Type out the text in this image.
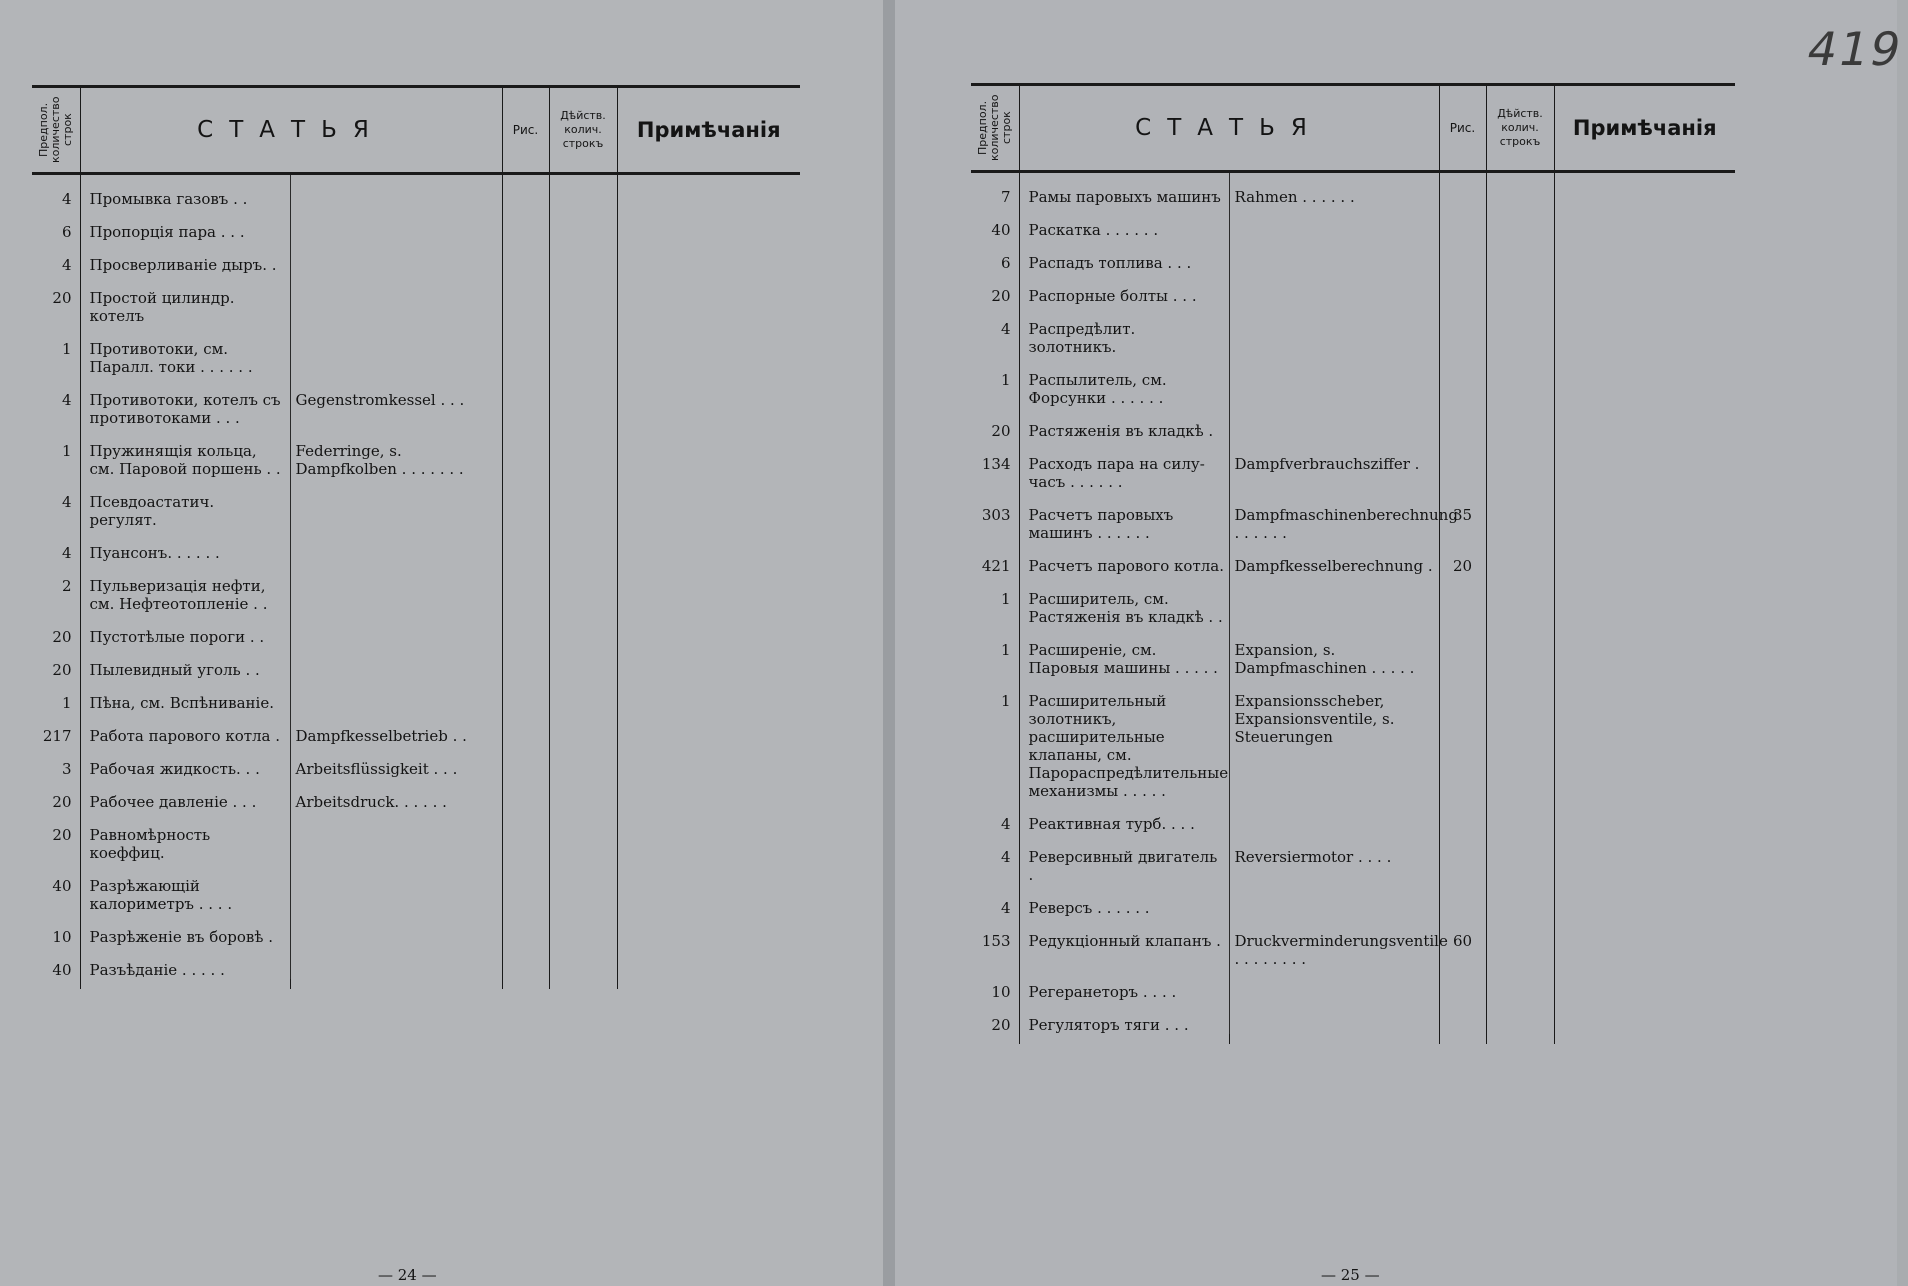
Предпол. количество строк	СТАТЬЯ		Рис.	Дѣйств. колич. строкъ	Примѣчанія

4	Промывка газовъ . .				
6	Пропорція пара . . .				
4	Просверливаніе дыръ. .				
20	Простой цилиндр. котелъ				
1	Противотоки, см. Паралл. токи . . . . . .				
4	Противотоки, котелъ съ противотоками . . .	Gegenstromkessel . . .			
1	Пружинящія кольца, см. Паровой поршень . .	Federringe, s. Dampfkolben . . . . . . .			
4	Псевдоастатич. регулят.				
4	Пуансонъ. . . . . .				
2	Пульверизація нефти, см. Нефтеотопленіе . .				
20	Пустотѣлые пороги . .				
20	Пылевидный уголь . .				
1	Пѣна, см. Вспѣниваніе.				
217	Работа парового котла .	Dampfkesselbetrieb . .			
3	Рабочая жидкость. . .	Arbeitsflüssigkeit . . .			
20	Рабочее давленіе . . .	Arbeitsdruck. . . . . .			
20	Равномѣрность коеффиц.				
40	Разрѣжающій калориметръ . . . .				
10	Разрѣженіе въ боровѣ .				
40	Разъѣданіе . . . . .				

— 24 —
Предпол. количество строк	СТАТЬЯ		Рис.	Дѣйств. колич. строкъ	Примѣчанія

7	Рамы паровыхъ машинъ	Rahmen . . . . . .			
40	Раскатка . . . . . .				
6	Распадъ топлива . . .				
20	Распорные болты . . .				
4	Распредѣлит. золотникъ.				
1	Распылитель, см. Форсунки . . . . . .				
20	Растяженія въ кладкѣ .				
134	Расходъ пара на силу-часъ . . . . . .	Dampfverbrauchsziffer .			
303	Расчетъ паровыхъ машинъ . . . . . .	Dampfmaschinenberechnung . . . . . .	35		
421	Расчетъ парового котла.	Dampfkesselberechnung .	20		
1	Расширитель, см. Растяженія въ кладкѣ . .				
1	Расширеніе, см. Паровыя машины . . . . .	Expansion, s. Dampfmaschinen . . . . .			
1	Расширительный золотникъ, расширительные клапаны, см. Парораспредѣлительные механизмы . . . . .	Expansionsscheber, Expansionsventile, s. Steuerungen			
4	Реактивная турб. . . .				
4	Реверсивный двигатель .	Reversiermotor . . . .			
4	Реверсъ . . . . . .				
153	Редукціонный клапанъ .	Druckverminderungsventile . . . . . . . .	60		
10	Регeранеторъ . . . .				
20	Регуляторъ тяги . . .				

— 25 —
419
